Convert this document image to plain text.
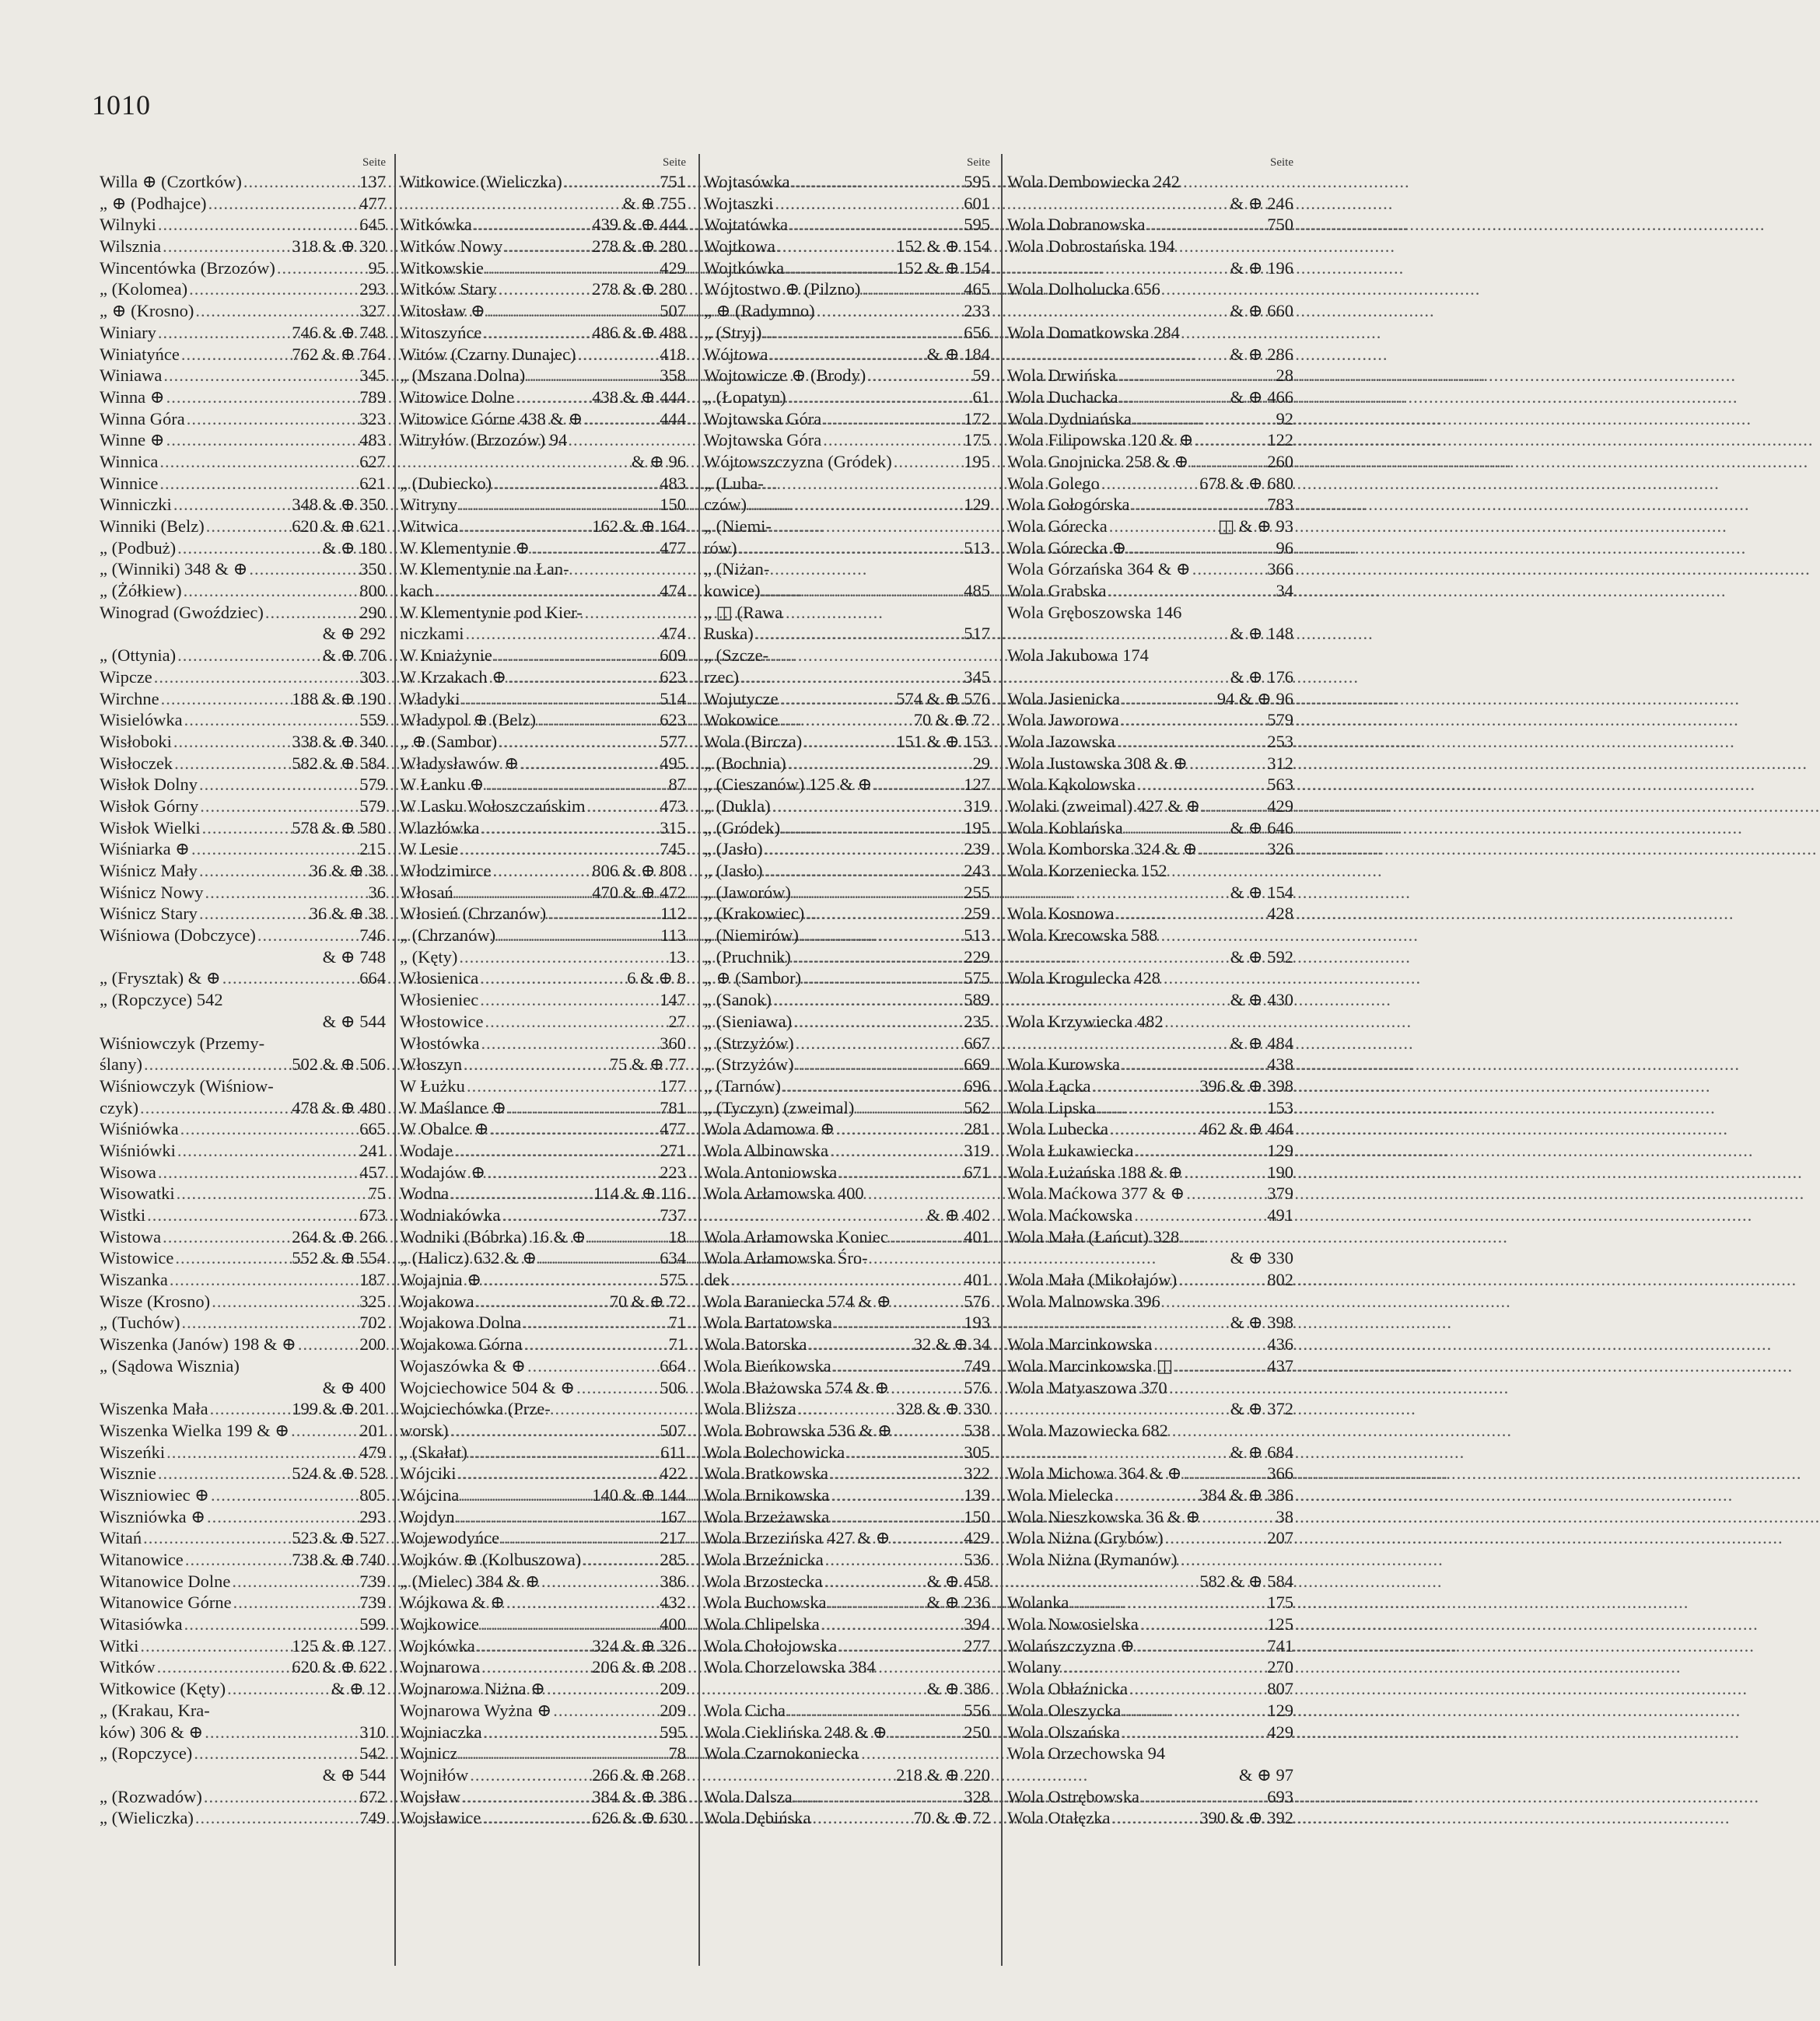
1010
Seite
Willa ⊕ (Czortków) .....	137
„ ⊕ (Podhajce) .....	477
Wilnyki .....	645
Wilsznia .....	318 & ⊕ 320
Wincentówka (Brzozów) .....	95
„ (Kolomea) .....	293
„ ⊕ (Krosno) .....	327
Winiary .....	746 & ⊕ 748
Winiatyńce .....	762 & ⊕ 764
Winiawa .....	345
Winna ⊕ .....	789
Winna Góra .....	323
Winne ⊕ .....	483
Winnica .....	627
Winnice .....	621
Winniczki .....	348 & ⊕ 350
Winniki (Belz) .....	620 & ⊕ 621
„ (Podbuż) .....	& ⊕ 180
„ (Winniki) 348 & ⊕ .....	350
„ (Żółkiew) .....	800
Winograd (Gwoździec) .....	290
& ⊕ 292
„ (Ottynia) .....	& ⊕ 706
Wipcze .....	303
Wirchne .....	188 & ⊕ 190
Wisielówka .....	559
Wisłoboki .....	338 & ⊕ 340
Wisłoczek .....	582 & ⊕ 584
Wisłok Dolny .....	579
Wisłok Górny .....	579
Wisłok Wielki .....	578 & ⊕ 580
Wiśniarka ⊕ .....	215
Wiśnicz Mały .....	36 & ⊕ 38
Wiśnicz Nowy .....	36
Wiśnicz Stary .....	36 & ⊕ 38
Wiśniowa (Dobczyce) .....	746
& ⊕ 748
„ (Frysztak) & ⊕ .....	664
„ (Ropczyce) 542
& ⊕ 544
Wiśniowczyk (Przemy-
ślany) .....	502 & ⊕ 506
Wiśniowczyk (Wiśniow-
czyk) .....	478 & ⊕ 480
Wiśniówka .....	665
Wiśniówki .....	241
Wisowa .....	457
Wisowatki .....	75
Wistki .....	673
Wistowa .....	264 & ⊕ 266
Wistowice .....	552 & ⊕ 554
Wiszanka .....	187
Wisze (Krosno) .....	325
„ (Tuchów) .....	702
Wiszenka (Janów) 198 & ⊕ .....	200
„ (Sądowa Wisznia)
& ⊕ 400
Wiszenka Mała .....	199 & ⊕ 201
Wiszenka Wielka 199 & ⊕ .....	201
Wiszeńki .....	479
Wisznie .....	524 & ⊕ 528
Wiszniowiec ⊕ .....	805
Wiszniówka ⊕ .....	293
Witań .....	523 & ⊕ 527
Witanowice .....	738 & ⊕ 740
Witanowice Dolne .....	739
Witanowice Górne .....	739
Witasiówka .....	599
Witki .....	125 & ⊕ 127
Witków .....	620 & ⊕ 622
Witkowice (Kęty) .....	& ⊕ 12
„ (Krakau, Kra-
ków) 306 & ⊕ .....	310
„ (Ropczyce) .....	542
& ⊕ 544
„ (Rozwadów) .....	672
„ (Wieliczka) .....	749
Seite
Witkowice (Wieliczka) .....	751
& ⊕ 755
Witkówka .....	439 & ⊕ 444
Witków Nowy .....	278 & ⊕ 280
Witkowskie .....	429
Witków Stary .....	278 & ⊕ 280
Witosław ⊕ .....	507
Witoszyńce .....	486 & ⊕ 488
Witów (Czarny Dunajec) .....	418
„ (Mszana Dolna) .....	358
Witowice Dolne .....	438 & ⊕ 444
Witowice Górne 438 & ⊕ .....	444
Witryłów (Brzozów) 94
& ⊕ 96
„ (Dubiecko) .....	483
Witryny .....	150
Witwica .....	162 & ⊕ 164
W Klementynie ⊕ .....	477
W Klementynie na Łan-
kach .....	474
W Klementynie pod Kier-
niczkami .....	474
W Kniażynie .....	609
W Krzakach ⊕ .....	623
Władyki .....	514
Władypol ⊕ (Belz) .....	623
„ ⊕ (Sambor) .....	577
Władysławów ⊕ .....	495
W Łanku ⊕ .....	87
W Lasku Wołoszczańskim .....	473
Wlazłówka .....	315
W Lesie .....	745
Włodzimirce .....	806 & ⊕ 808
Włosań .....	470 & ⊕ 472
Włosień (Chrzanów) .....	112
„ (Chrzanów) .....	113
„ (Kęty) .....	13
Włosienica .....	6 & ⊕ 8
Włosieniec .....	147
Włostowice .....	27
Włostówka .....	360
Włoszyn .....	75 & ⊕ 77
W Łużku .....	177
W Maślance ⊕ .....	781
W Obalce ⊕ .....	477
Wodaje .....	271
Wodajów ⊕ .....	223
Wodna .....	114 & ⊕ 116
Wodniakówka .....	737
Wodniki (Bóbrka) 16 & ⊕ .....	18
„ (Halicz) 632 & ⊕ .....	634
Wojajnia ⊕ .....	575
Wojakowa .....	70 & ⊕ 72
Wojakowa Dolna .....	71
Wojakowa Górna .....	71
Wojaszówka & ⊕ .....	664
Wojciechowice 504 & ⊕ .....	506
Wojciechówka (Prze-
worsk) .....	507
„ (Skałat) .....	611
Wójciki .....	422
Wójcina .....	140 & ⊕ 144
Wojdyn .....	167
Wojewodyńce .....	217
Wojków ⊕ (Kolbuszowa) .....	285
„ (Mielec) 384 & ⊕ .....	386
Wójkowa & ⊕ .....	432
Wojkowice .....	400
Wojkówka .....	324 & ⊕ 326
Wojnarowa .....	206 & ⊕ 208
Wojnarowa Niżna ⊕ .....	209
Wojnarowa Wyżna ⊕ .....	209
Wojniaczka .....	595
Wojnicz .....	78
Wojniłów .....	266 & ⊕ 268
Wojsław .....	384 & ⊕ 386
Wojsławice .....	626 & ⊕ 630
Seite
Wojtasówka .....	595
Wojtaszki .....	601
Wojtatówka .....	595
Wojtkowa .....	152 & ⊕ 154
Wojtkówka .....	152 & ⊕ 154
Wójtostwo ⊕ (Pilzno) .....	465
„ ⊕ (Radymno) .....	233
„ (Stryj) .....	656
Wójtowa .....	& ⊕ 184
Wojtowicze ⊕ (Brody) .....	59
„ (Łopatyn) .....	61
Wojtowska Góra .....	172
Wojtowska Góra .....	175
Wójtowszczyzna (Gródek) .....	195
„ (Luba-
czów) .....	129
„ (Niemi-
rów) .....	513
„ (Niżan-
kowice) .....	485
„ ◫ (Rawa
Ruska) .....	517
„ (Szcze-
rzec) .....	345
Wojutycze .....	574 & ⊕ 576
Wokowice .....	70 & ⊕ 72
Wola (Bircza) .....	151 & ⊕ 153
„ (Bochnia) .....	29
„ (Cieszanów) 125 & ⊕ .....	127
„ (Dukla) .....	319
„ (Gródek) .....	195
„ (Jasło) .....	239
„ (Jasło) .....	243
„ (Jaworów) .....	255
„ (Krakowiec) .....	259
„ (Niemirów) .....	513
„ (Pruchnik) .....	229
„ ⊕ (Sambor) .....	575
„ (Sanok) .....	589
„ (Sieniawa) .....	235
„ (Strzyżów) .....	667
„ (Strzyżów) .....	669
„ (Tarnów) .....	696
„ (Tyczyn) (zweimal) .....	562
Wola Adamowa ⊕ .....	281
Wola Albinowska .....	319
Wola Antoniowska .....	671
Wola Arłamowska 400
& ⊕ 402
Wola Arłamowska Koniec .....	401
Wola Arłamowska Śro-
dek .....	401
Wola Baraniecka 574 & ⊕ .....	576
Wola Bartatowska .....	193
Wola Batorska .....	32 & ⊕ 34
Wola Bieńkowska .....	749
Wola Błażowska 574 & ⊕ .....	576
Wola Bliższa .....	328 & ⊕ 330
Wola Bobrowska 536 & ⊕ .....	538
Wola Bolechowicka .....	305
Wola Bratkowska .....	322
Wola Brnikowska .....	139
Wola Brzeżawska .....	150
Wola Brzezińska 427 & ⊕ .....	429
Wola Brzeźnicka .....	536
Wola Brzostecka .....	& ⊕ 458
Wola Buchowska .....	& ⊕ 236
Wola Chlipelska .....	394
Wola Chołojowska .....	277
Wola Chorzelowska 384
& ⊕ 386
Wola Cicha .....	556
Wola Cieklińska 248 & ⊕ .....	250
Wola Czarnokoniecka
218 & ⊕ 220
Wola Dalsza .....	328
Wola Dębińska .....	70 & ⊕ 72
Seite
Wola Dembowiecka 242
& ⊕ 246
Wola Dobranowska .....	750
Wola Dobrostańska 194
& ⊕ 196
Wola Dolholucka 656
& ⊕ 660
Wola Domatkowska 284
& ⊕ 286
Wola Drwińska .....	28
Wola Duchacka .....	& ⊕ 466
Wola Dydniańska .....	92
Wola Filipowska 120 & ⊕ .....	122
Wola Gnojnicka 258 & ⊕ .....	260
Wola Golego .....	678 & ⊕ 680
Wola Gołogórska .....	783
Wola Górecka .....	◫ & ⊕ 93
Wola Górecka ⊕ .....	96
Wola Górzańska 364 & ⊕ .....	366
Wola Grabska .....	34
Wola Gręboszowska 146
& ⊕ 148
Wola Jakubowa 174
& ⊕ 176
Wola Jasienicka .....	94 & ⊕ 96
Wola Jaworowa .....	579
Wola Jazowska .....	253
Wola Justowska 308 & ⊕ .....	312
Wola Kąkolowska .....	563
Wolaki (zweimal) 427 & ⊕ .....	429
Wola Koblańska .....	& ⊕ 646
Wola Komborska 324 & ⊕ .....	326
Wola Korzeniecka 152
& ⊕ 154
Wola Kosnowa .....	428
Wola Krecowska 588
& ⊕ 592
Wola Krogulecka 428
& ⊕ 430
Wola Krzywiecka 482
& ⊕ 484
Wola Kurowska .....	438
Wola Łącka .....	396 & ⊕ 398
Wola Lipska .....	153
Wola Lubecka .....	462 & ⊕ 464
Wola Łukawiecka .....	129
Wola Łużańska 188 & ⊕ .....	190
Wola Maćkowa 377 & ⊕ .....	379
Wola Maćkowska .....	491
Wola Mała (Łańcut) 328
& ⊕ 330
Wola Mała (Mikołajów) .....	802
Wola Malnowska 396
& ⊕ 398
Wola Marcinkowska .....	436
Wola Marcinkowska ◫ .....	437
Wola Matyaszowa 370
& ⊕ 372
Wola Mazowiecka 682
& ⊕ 684
Wola Michowa 364 & ⊕ .....	366
Wola Mielecka .....	384 & ⊕ 386
Wola Nieszkowska 36 & ⊕ .....	38
Wola Niżna (Grybów) .....	207
Wola Niżna (Rymanów)
582 & ⊕ 584
Wolanka .....	175
Wola Nowosielska .....	125
Wolańszczyzna ⊕ .....	741
Wolany .....	270
Wola Obłaźnicka .....	807
Wola Oleszycka .....	129
Wola Olszańska .....	429
Wola Orzechowska 94
& ⊕ 97
Wola Ostrębowska .....	693
Wola Otałęzka .....	390 & ⊕ 392
